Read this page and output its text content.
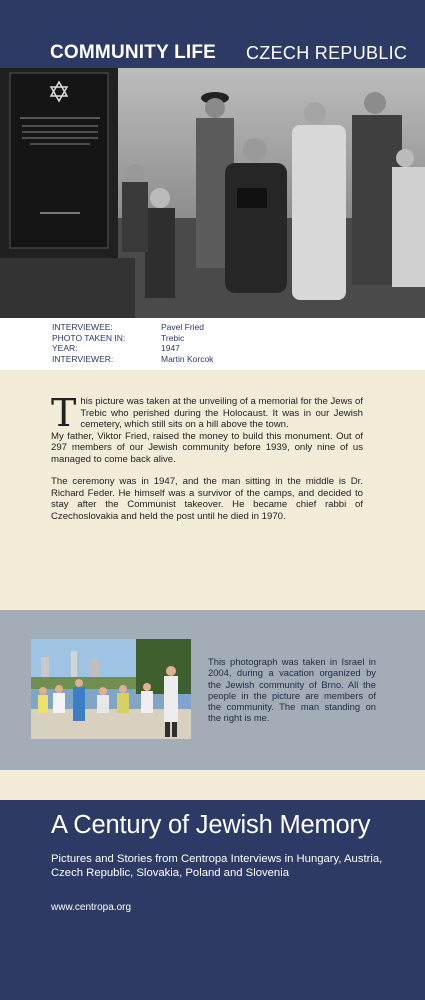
COMMUNITY LIFE CZECH REPUBLIC
INTERVIEWEE:	Pavel Fried
PHOTO TAKEN IN:	Trebic
YEAR:	1947
INTERVIEWER:	Martin Korcok

This picture was taken at the unveiling of a memorial for the Jews of Trebic who perished during the Holocaust. It was in our Jewish cemetery, which still sits on a hill above the town.
My father, Viktor Fried, raised the money to build this monument. Out of 297 members of our Jewish community before 1939, only nine of us managed to come back alive.

The ceremony was in 1947, and the man sitting in the middle is Dr. Richard Feder. He himself was a survivor of the camps, and decided to stay after the Communist takeover. He became chief rabbi of Czechoslovakia and held the post until he died in 1970.

This photograph was taken in Israel in 2004, during a vacation organized by the Jewish community of Brno. All the people in the picture are members of the community. The man standing on the right is me.
A Century of Jewish Memory
Pictures and Stories from Centropa Interviews in Hungary, Austria, Czech Republic, Slovakia, Poland and Slovenia
www.centropa.org
